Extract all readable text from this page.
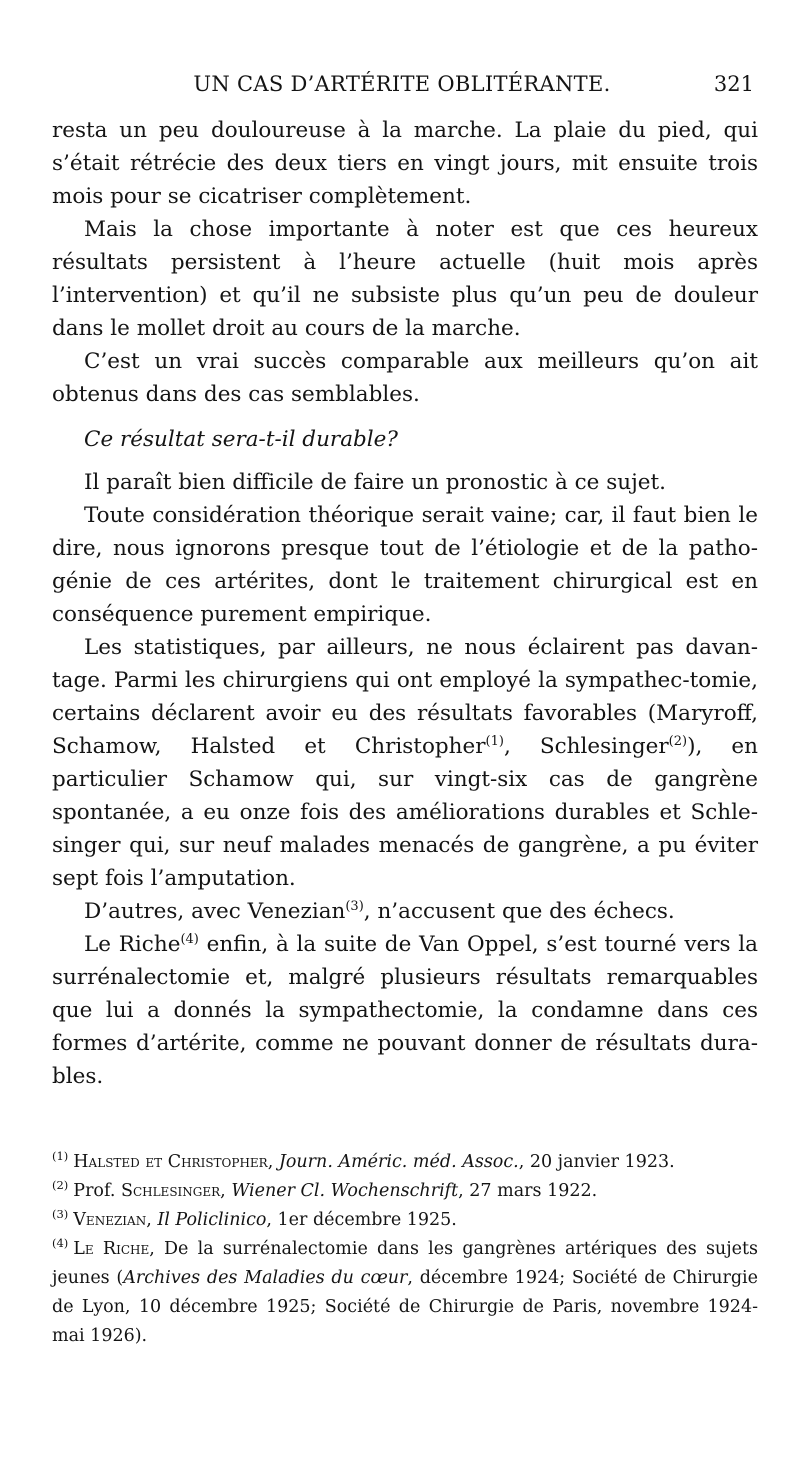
UN CAS D’ARTÉRITE OBLITÉRANTE.	321

resta un peu douloureuse à la marche. La plaie du pied, qui s’était rétrécie des deux tiers en vingt jours, mit ensuite trois mois pour se cicatriser complètement.

Mais la chose importante à noter est que ces heureux résultats persistent à l’heure actuelle (huit mois après l’intervention) et qu’il ne subsiste plus qu’un peu de douleur dans le mollet droit au cours de la marche.

C’est un vrai succès comparable aux meilleurs qu’on ait obtenus dans des cas semblables.

Ce résultat sera-t-il durable?

Il paraît bien difficile de faire un pronostic à ce sujet.

Toute considération théorique serait vaine; car, il faut bien le dire, nous ignorons presque tout de l’étiologie et de la patho-génie de ces artérites, dont le traitement chirurgical est en conséquence purement empirique.

Les statistiques, par ailleurs, ne nous éclairent pas davan-tage. Parmi les chirurgiens qui ont employé la sympathec-tomie, certains déclarent avoir eu des résultats favorables (Maryroff, Schamow, Halsted et Christopher$^{(1)}$, Schlesinger$^{(2)}$), en particulier Schamow qui, sur vingt-six cas de gangrène spontanée, a eu onze fois des améliorations durables et Schle-singer qui, sur neuf malades menacés de gangrène, a pu éviter sept fois l’amputation.

D’autres, avec Venezian$^{(3)}$, n’accusent que des échecs.

Le Riche$^{(4)}$ enfin, à la suite de Van Oppel, s’est tourné vers la surrénalectomie et, malgré plusieurs résultats remarquables que lui a donnés la sympathectomie, la condamne dans ces formes d’artérite, comme ne pouvant donner de résultats dura-bles.

$^{(1)}$ Halsted et Christopher, Journ. Améric. méd. Assoc., 20 janvier 1923.

$^{(2)}$ Prof. Schlesinger, Wiener Cl. Wochenschrift, 27 mars 1922.

$^{(3)}$ Venezian, Il Policlinico, 1er décembre 1925.

$^{(4)}$ Le Riche, De la surrénalectomie dans les gangrènes artériques des sujets jeunes (Archives des Maladies du cœur, décembre 1924; Société de Chirurgie de Lyon, 10 décembre 1925; Société de Chirurgie de Paris, novembre 1924-mai 1926).
